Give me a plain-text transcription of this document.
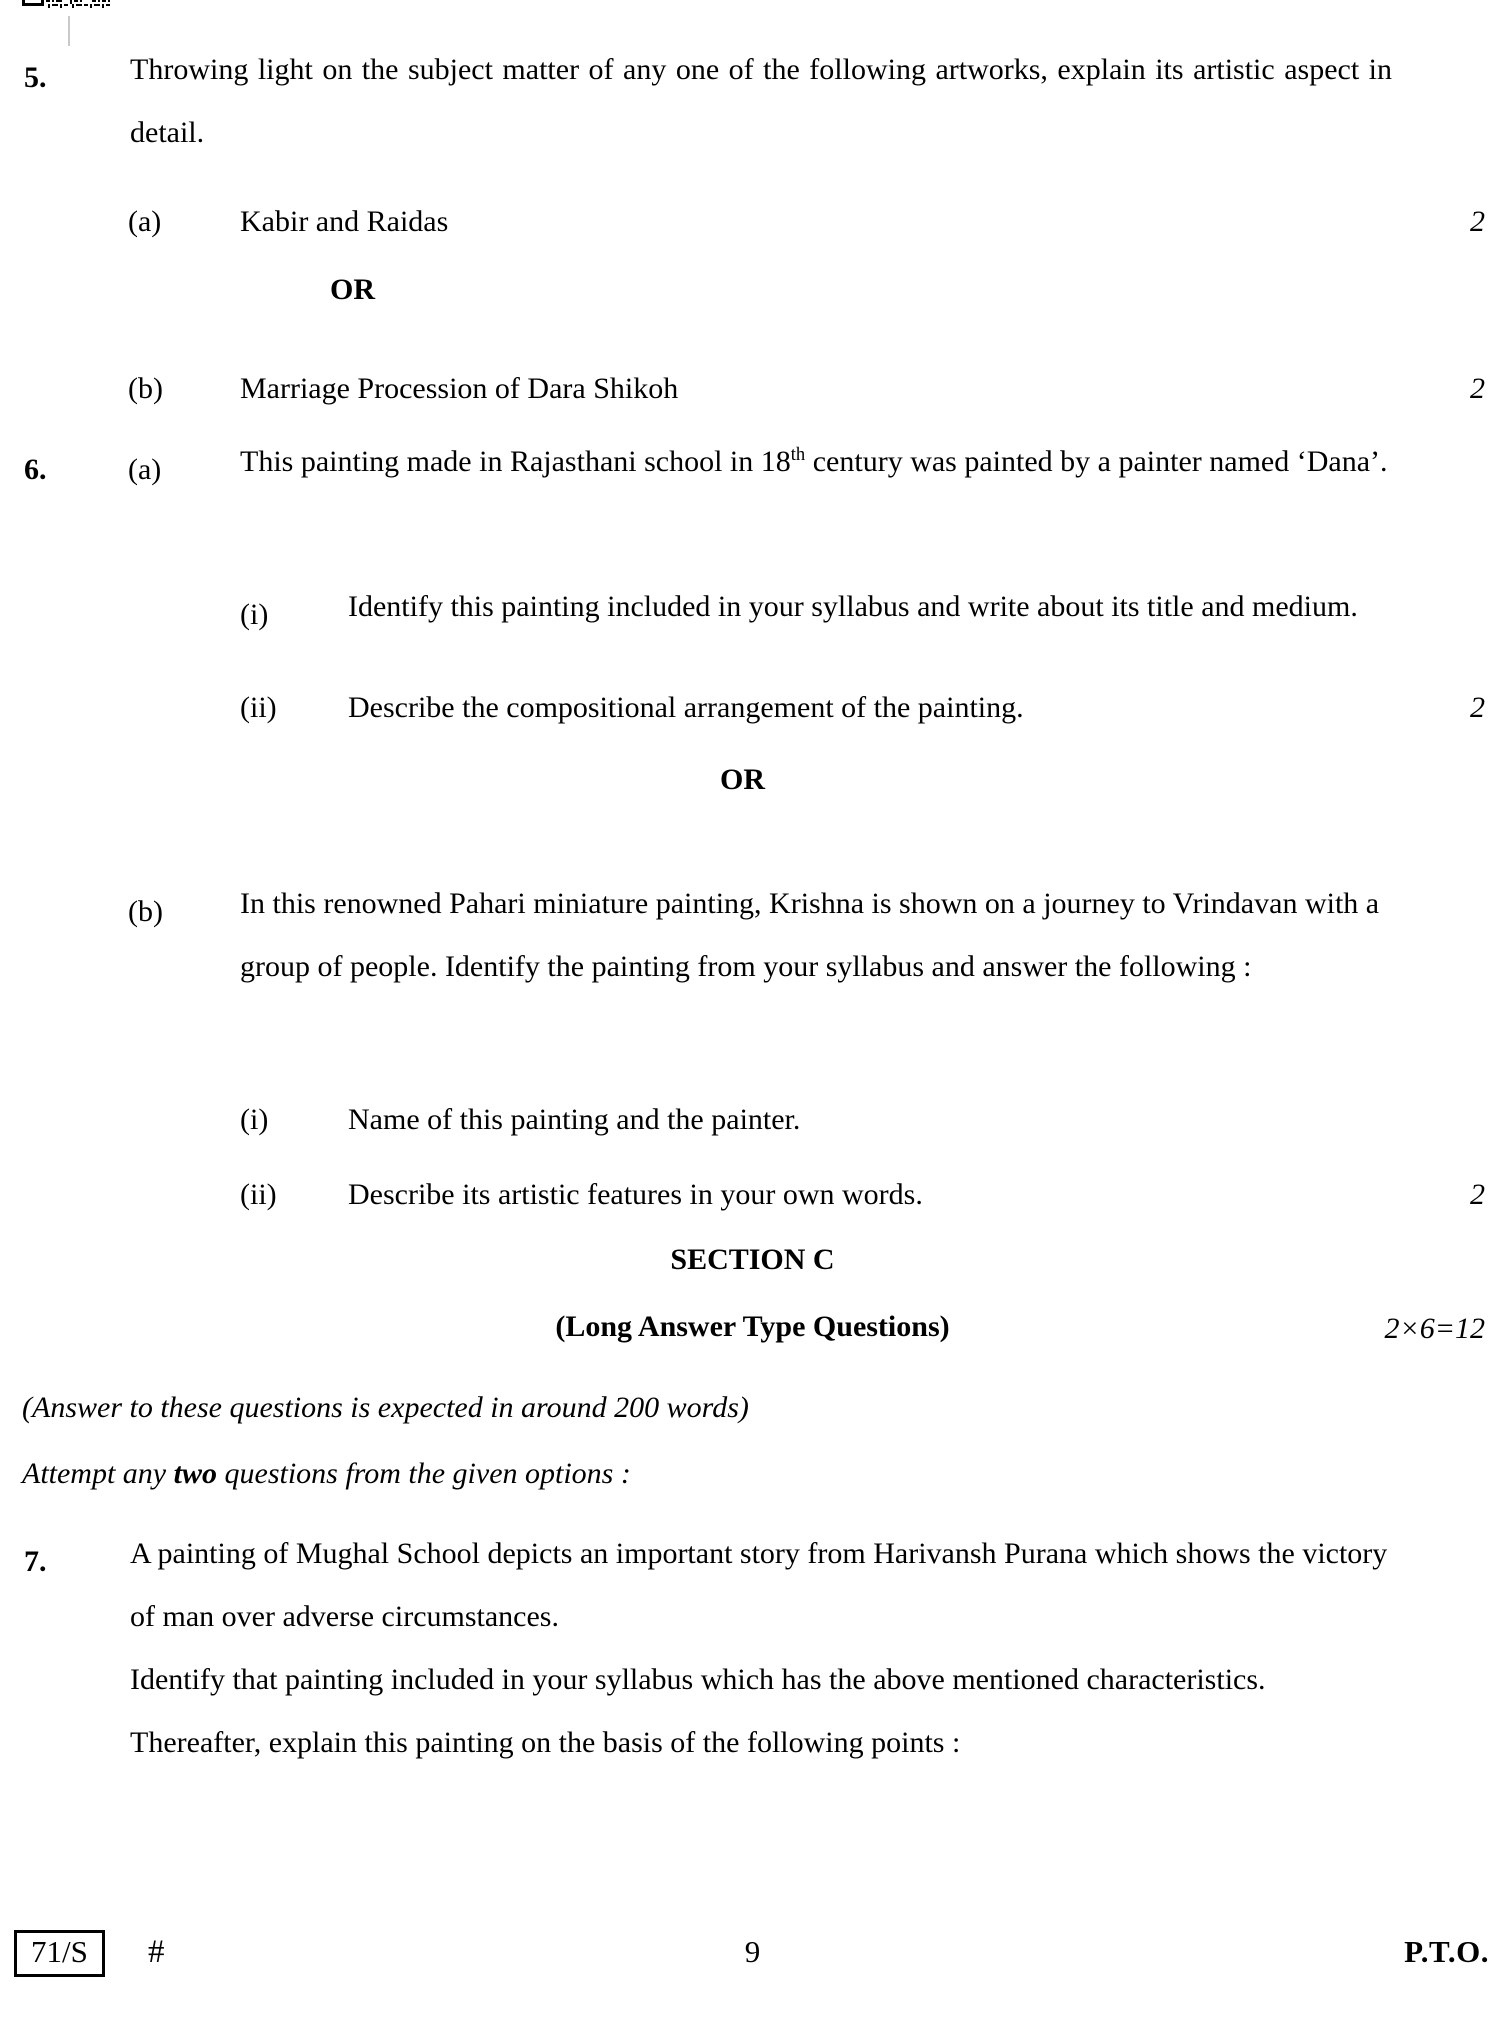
5.	Throwing light on the subject matter of any one of the following artworks, explain its artistic aspect in detail.
(a)	Kabir and Raidas	2
OR
(b)	Marriage Procession of Dara Shikoh	2
6.	(a)	This painting made in Rajasthani school in 18th century was painted by a painter named ‘Dana’.
(i)	Identify this painting included in your syllabus and write about its title and medium.
(ii) Describe the compositional arrangement of the painting.	2
OR
(b)	In this renowned Pahari miniature painting, Krishna is shown on a journey to Vrindavan with a group of people. Identify the painting from your syllabus and answer the following :
(i)	Name of this painting and the painter.
(ii) Describe its artistic features in your own words.	2
SECTION C
(Long Answer Type Questions)	2×6=12
(Answer to these questions is expected in around 200 words)
Attempt any two questions from the given options :
7.	A painting of Mughal School depicts an important story from Harivansh Purana which shows the victory of man over adverse circumstances.
Identify that painting included in your syllabus which has the above mentioned characteristics. Thereafter, explain this painting on the basis of the following points :
71/S	#	9	P.T.O.
